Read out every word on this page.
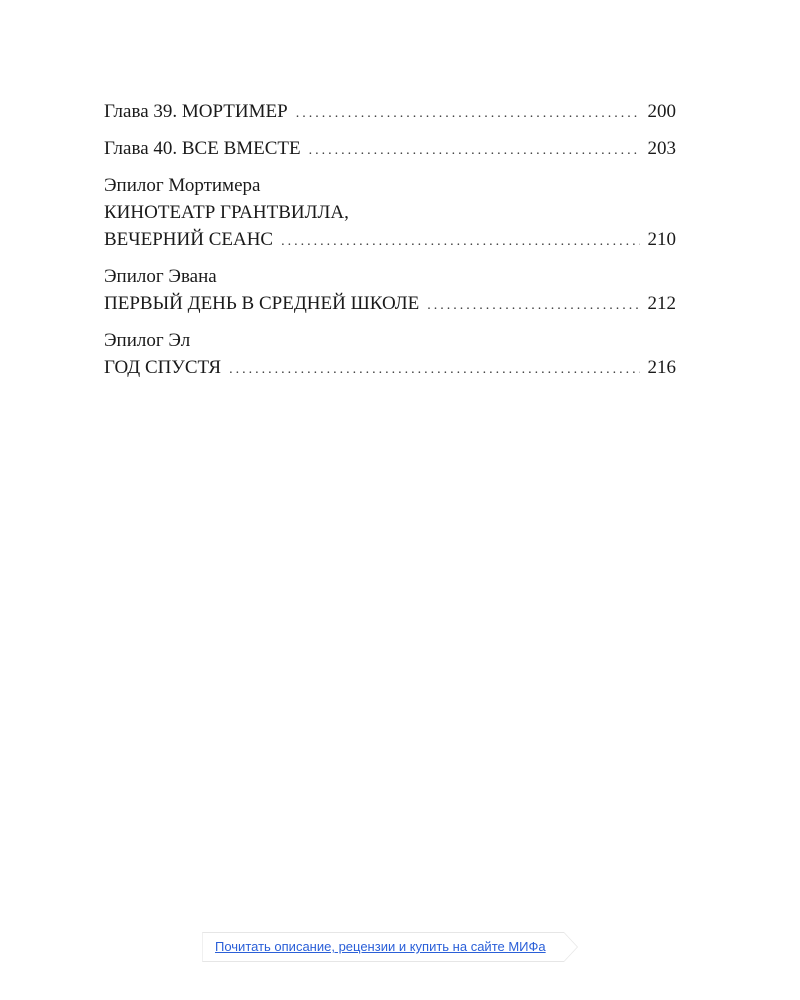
Глава 39. МОРТИМЕР .....	200
Глава 40. ВСЕ ВМЕСТЕ .....	203
Эпилог Мортимера
КИНОТЕАТР ГРАНТВИЛЛА,
ВЕЧЕРНИЙ СЕАНС .....	210
Эпилог Эвана
ПЕРВЫЙ ДЕНЬ В СРЕДНЕЙ ШКОЛЕ .....	212
Эпилог Эл
ГОД СПУСТЯ .....	216
Почитать описание, рецензии и купить на сайте МИФа
